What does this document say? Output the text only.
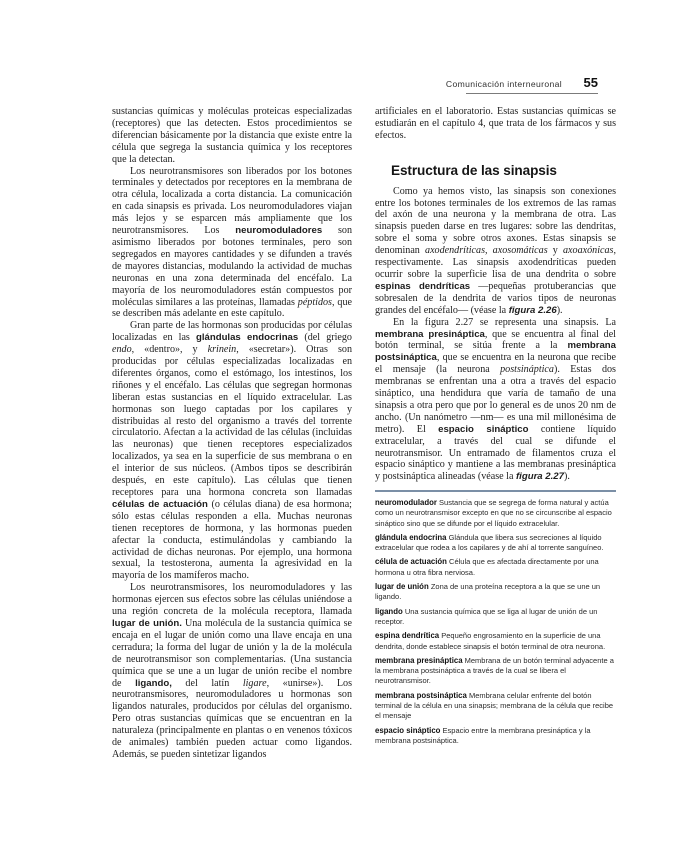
Comunicación interneuronal 55

sustancias químicas y moléculas proteicas especializadas (receptores) que las detecten. Estos procedimientos se diferencian básicamente por la distancia que existe entre la célula que segrega la sustancia química y los receptores que la detectan.

Los neurotransmisores son liberados por los botones terminales y detectados por receptores en la membrana de otra célula, localizada a corta distancia. La comunicación en cada sinapsis es privada. Los neuromoduladores viajan más lejos y se esparcen más ampliamente que los neurotransmisores. Los neuromoduladores son asimismo liberados por botones terminales, pero son segregados en mayores cantidades y se difunden a través de mayores distancias, modulando la actividad de muchas neuronas en una zona determinada del encéfalo. La mayoría de los neuromoduladores están compuestos por moléculas similares a las proteínas, llamadas péptidos, que se describen más adelante en este capítulo.

Gran parte de las hormonas son producidas por células localizadas en las glándulas endocrinas (del griego endo, «dentro», y krinein, «secretar»). Otras son producidas por células especializadas localizadas en diferentes órganos, como el estómago, los intestinos, los riñones y el encéfalo. Las células que segregan hormonas liberan estas sustancias en el líquido extracelular. Las hormonas son luego captadas por los capilares y distribuidas al resto del organismo a través del torrente circulatorio. Afectan a la actividad de las células (incluidas las neuronas) que tienen receptores especializados localizados, ya sea en la superficie de sus membrana o en el interior de sus núcleos. (Ambos tipos se describirán después, en este capítulo). Las células que tienen receptores para una hormona concreta son llamadas células de actuación (o células diana) de esa hormona; sólo estas células responden a ella. Muchas neuronas tienen receptores de hormona, y las hormonas pueden afectar la conducta, estimulándolas y cambiando la actividad de dichas neuronas. Por ejemplo, una hormona sexual, la testosterona, aumenta la agresividad en la mayoría de los mamíferos macho.

Los neurotransmisores, los neuromoduladores y las hormonas ejercen sus efectos sobre las células uniéndose a una región concreta de la molécula receptora, llamada lugar de unión. Una molécula de la sustancia química se encaja en el lugar de unión como una llave encaja en una cerradura; la forma del lugar de unión y la de la molécula de neurotransmisor son complementarias. (Una sustancia química que se une a un lugar de unión recibe el nombre de ligando, del latín ligare, «unirse»). Los neurotransmisores, neuromoduladores u hormonas son ligandos naturales, producidos por células del organismo. Pero otras sustancias químicas que se encuentran en la naturaleza (principalmente en plantas o en venenos tóxicos de animales) también pueden actuar como ligandos. Además, se pueden sintetizar ligandos

artificiales en el laboratorio. Estas sustancias químicas se estudiarán en el capítulo 4, que trata de los fármacos y sus efectos.

Estructura de las sinapsis

Como ya hemos visto, las sinapsis son conexiones entre los botones terminales de los extremos de las ramas del axón de una neurona y la membrana de otra. Las sinapsis pueden darse en tres lugares: sobre las dendritas, sobre el soma y sobre otros axones. Estas sinapsis se denominan axodendríticas, axosomáticas y axoaxónicas, respectivamente. Las sinapsis axodendríticas pueden ocurrir sobre la superficie lisa de una dendrita o sobre espinas dendríticas —pequeñas protuberancias que sobresalen de la dendrita de varios tipos de neuronas grandes del encéfalo— (véase la figura 2.26).

En la figura 2.27 se representa una sinapsis. La membrana presináptica, que se encuentra al final del botón terminal, se sitúa frente a la membrana postsináptica, que se encuentra en la neurona que recibe el mensaje (la neurona postsináptica). Estas dos membranas se enfrentan una a otra a través del espacio sináptico, una hendidura que varía de tamaño de una sinapsis a otra pero que por lo general es de unos 20 nm de ancho. (Un nanómetro —nm— es una mil millonésima de metro). El espacio sináptico contiene líquido extracelular, a través del cual se difunde el neurotransmisor. Un entramado de filamentos cruza el espacio sináptico y mantiene a las membranas presináptica y postsináptica alineadas (véase la figura 2.27).

neuromodulador Sustancia que se segrega de forma natural y actúa como un neurotransmisor excepto en que no se circunscribe al espacio sináptico sino que se difunde por el líquido extracelular.
glándula endocrina Glándula que libera sus secreciones al líquido extracelular que rodea a los capilares y de ahí al torrente sanguíneo.
célula de actuación Célula que es afectada directamente por una hormona u otra fibra nerviosa.
lugar de unión Zona de una proteína receptora a la que se une un ligando.
ligando Una sustancia química que se liga al lugar de unión de un receptor.
espina dendrítica Pequeño engrosamiento en la superficie de una dendrita, donde establece sinapsis el botón terminal de otra neurona.
membrana presináptica Membrana de un botón terminal adyacente a la membrana postsináptica a través de la cual se libera el neurotransmisor.
membrana postsináptica Membrana celular enfrente del botón terminal de la célula en una sinapsis; membrana de la célula que recibe el mensaje
espacio sináptico Espacio entre la membrana presináptica y la membrana postsináptica.
